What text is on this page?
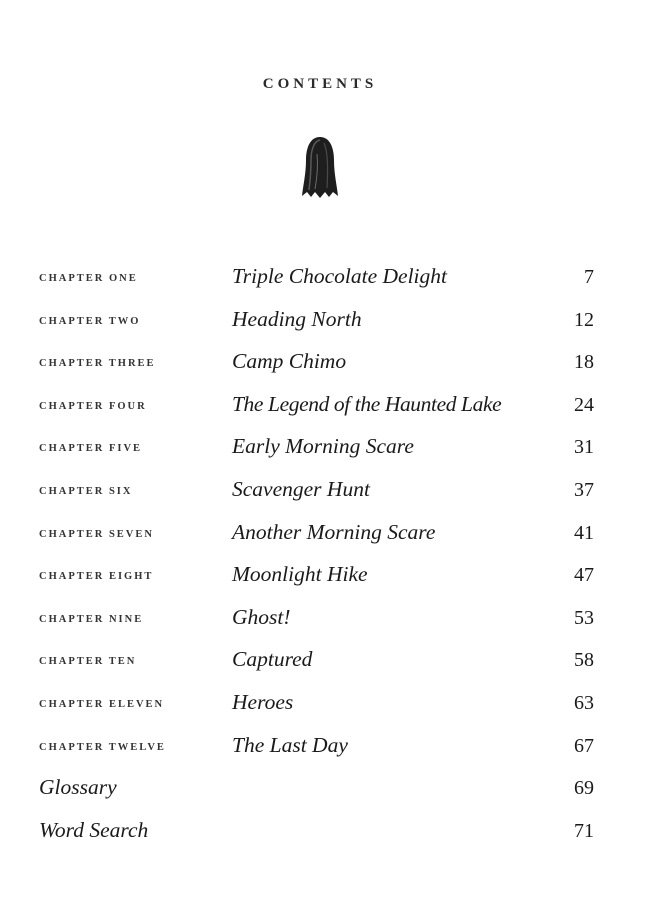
CONTENTS
CHAPTER ONE	Triple Chocolate Delight	7
CHAPTER TWO	Heading North	12
CHAPTER THREE	Camp Chimo	18
CHAPTER FOUR	The Legend of the Haunted Lake	24
CHAPTER FIVE	Early Morning Scare	31
CHAPTER SIX	Scavenger Hunt	37
CHAPTER SEVEN	Another Morning Scare	41
CHAPTER EIGHT	Moonlight Hike	47
CHAPTER NINE	Ghost!	53
CHAPTER TEN	Captured	58
CHAPTER ELEVEN	Heroes	63
CHAPTER TWELVE	The Last Day	67
Glossary	69
Word Search	71
